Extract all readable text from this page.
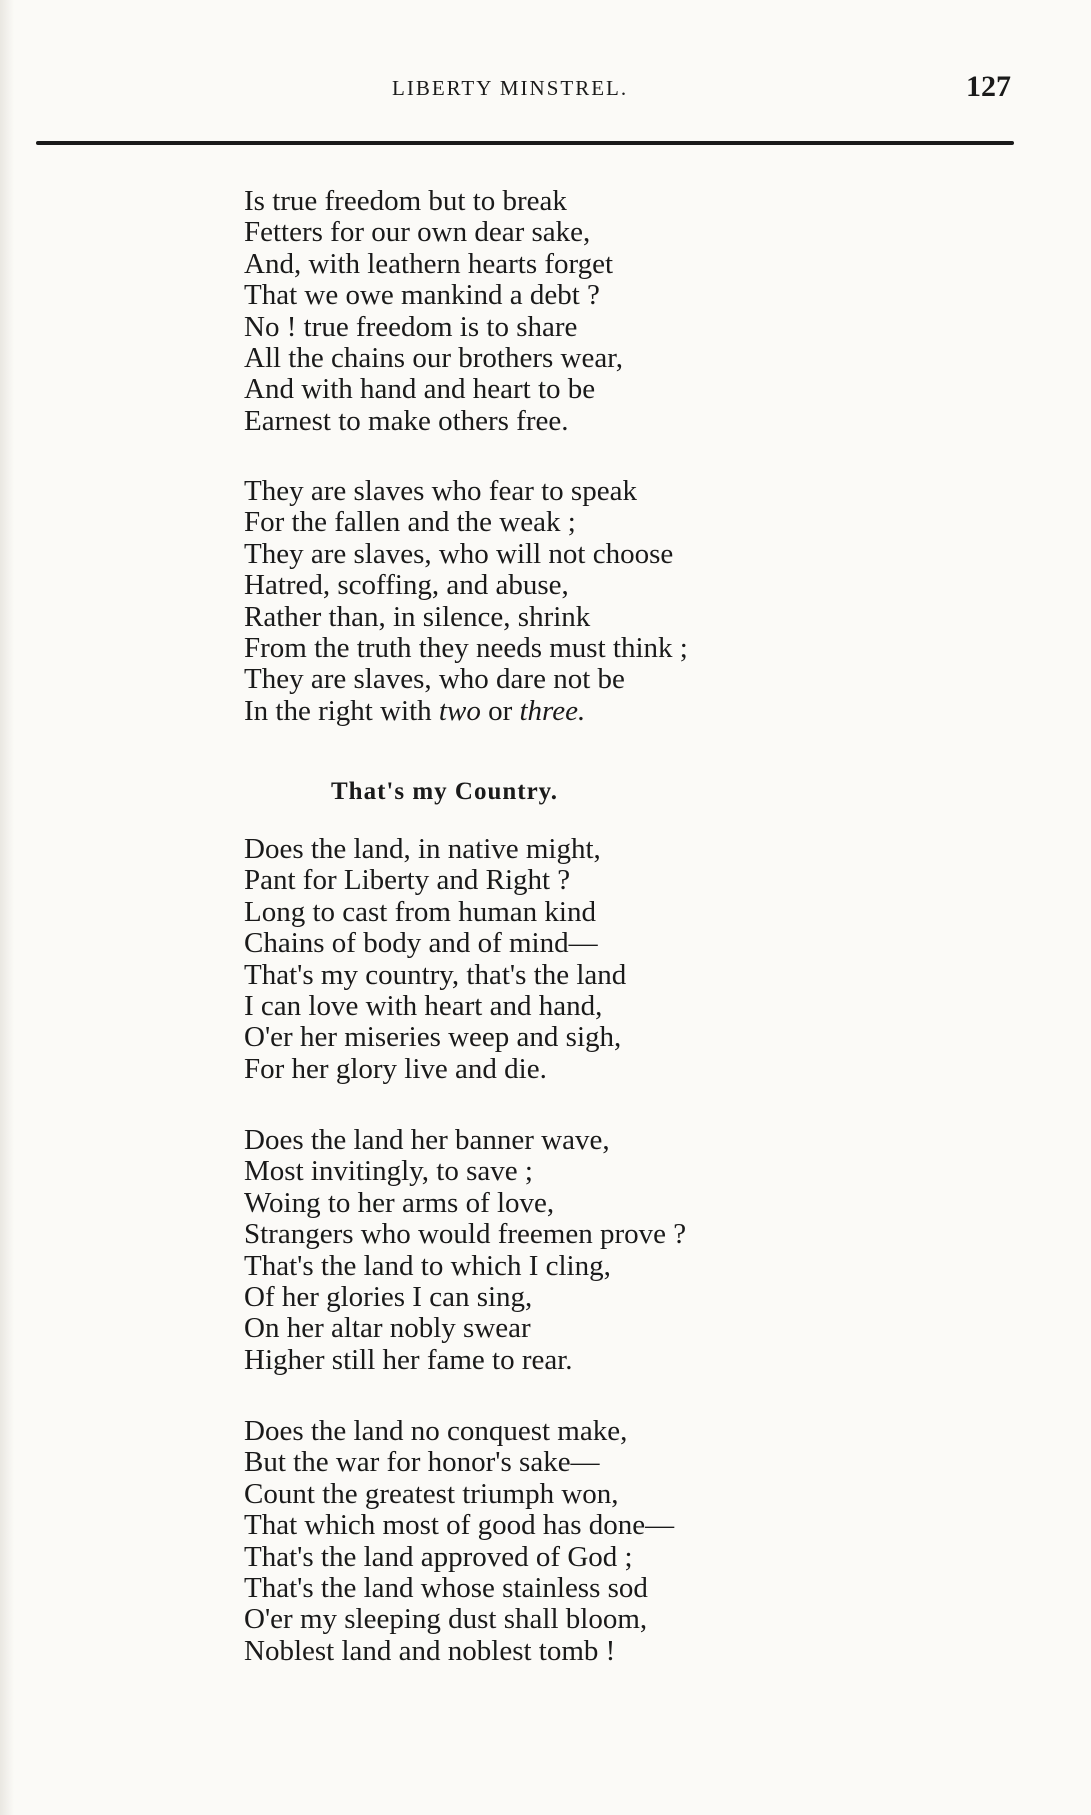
LIBERTY MINSTREL.	127
Is true freedom but to break
Fetters for our own dear sake,
And, with leathern hearts forget
That we owe mankind a debt ?
No ! true freedom is to share
All the chains our brothers wear,
And with hand and heart to be
Earnest to make others free.
They are slaves who fear to speak
For the fallen and the weak ;
They are slaves, who will not choose
Hatred, scoffing, and abuse,
Rather than, in silence, shrink
From the truth they needs must think ;
They are slaves, who dare not be
In the right with two or three.
That's my Country.
Does the land, in native might,
Pant for Liberty and Right ?
Long to cast from human kind
Chains of body and of mind—
That's my country, that's the land
I can love with heart and hand,
O'er her miseries weep and sigh,
For her glory live and die.
Does the land her banner wave,
Most invitingly, to save ;
Woing to her arms of love,
Strangers who would freemen prove ?
That's the land to which I cling,
Of her glories I can sing,
On her altar nobly swear
Higher still her fame to rear.
Does the land no conquest make,
But the war for honor's sake—
Count the greatest triumph won,
That which most of good has done—
That's the land approved of God ;
That's the land whose stainless sod
O'er my sleeping dust shall bloom,
Noblest land and noblest tomb !
